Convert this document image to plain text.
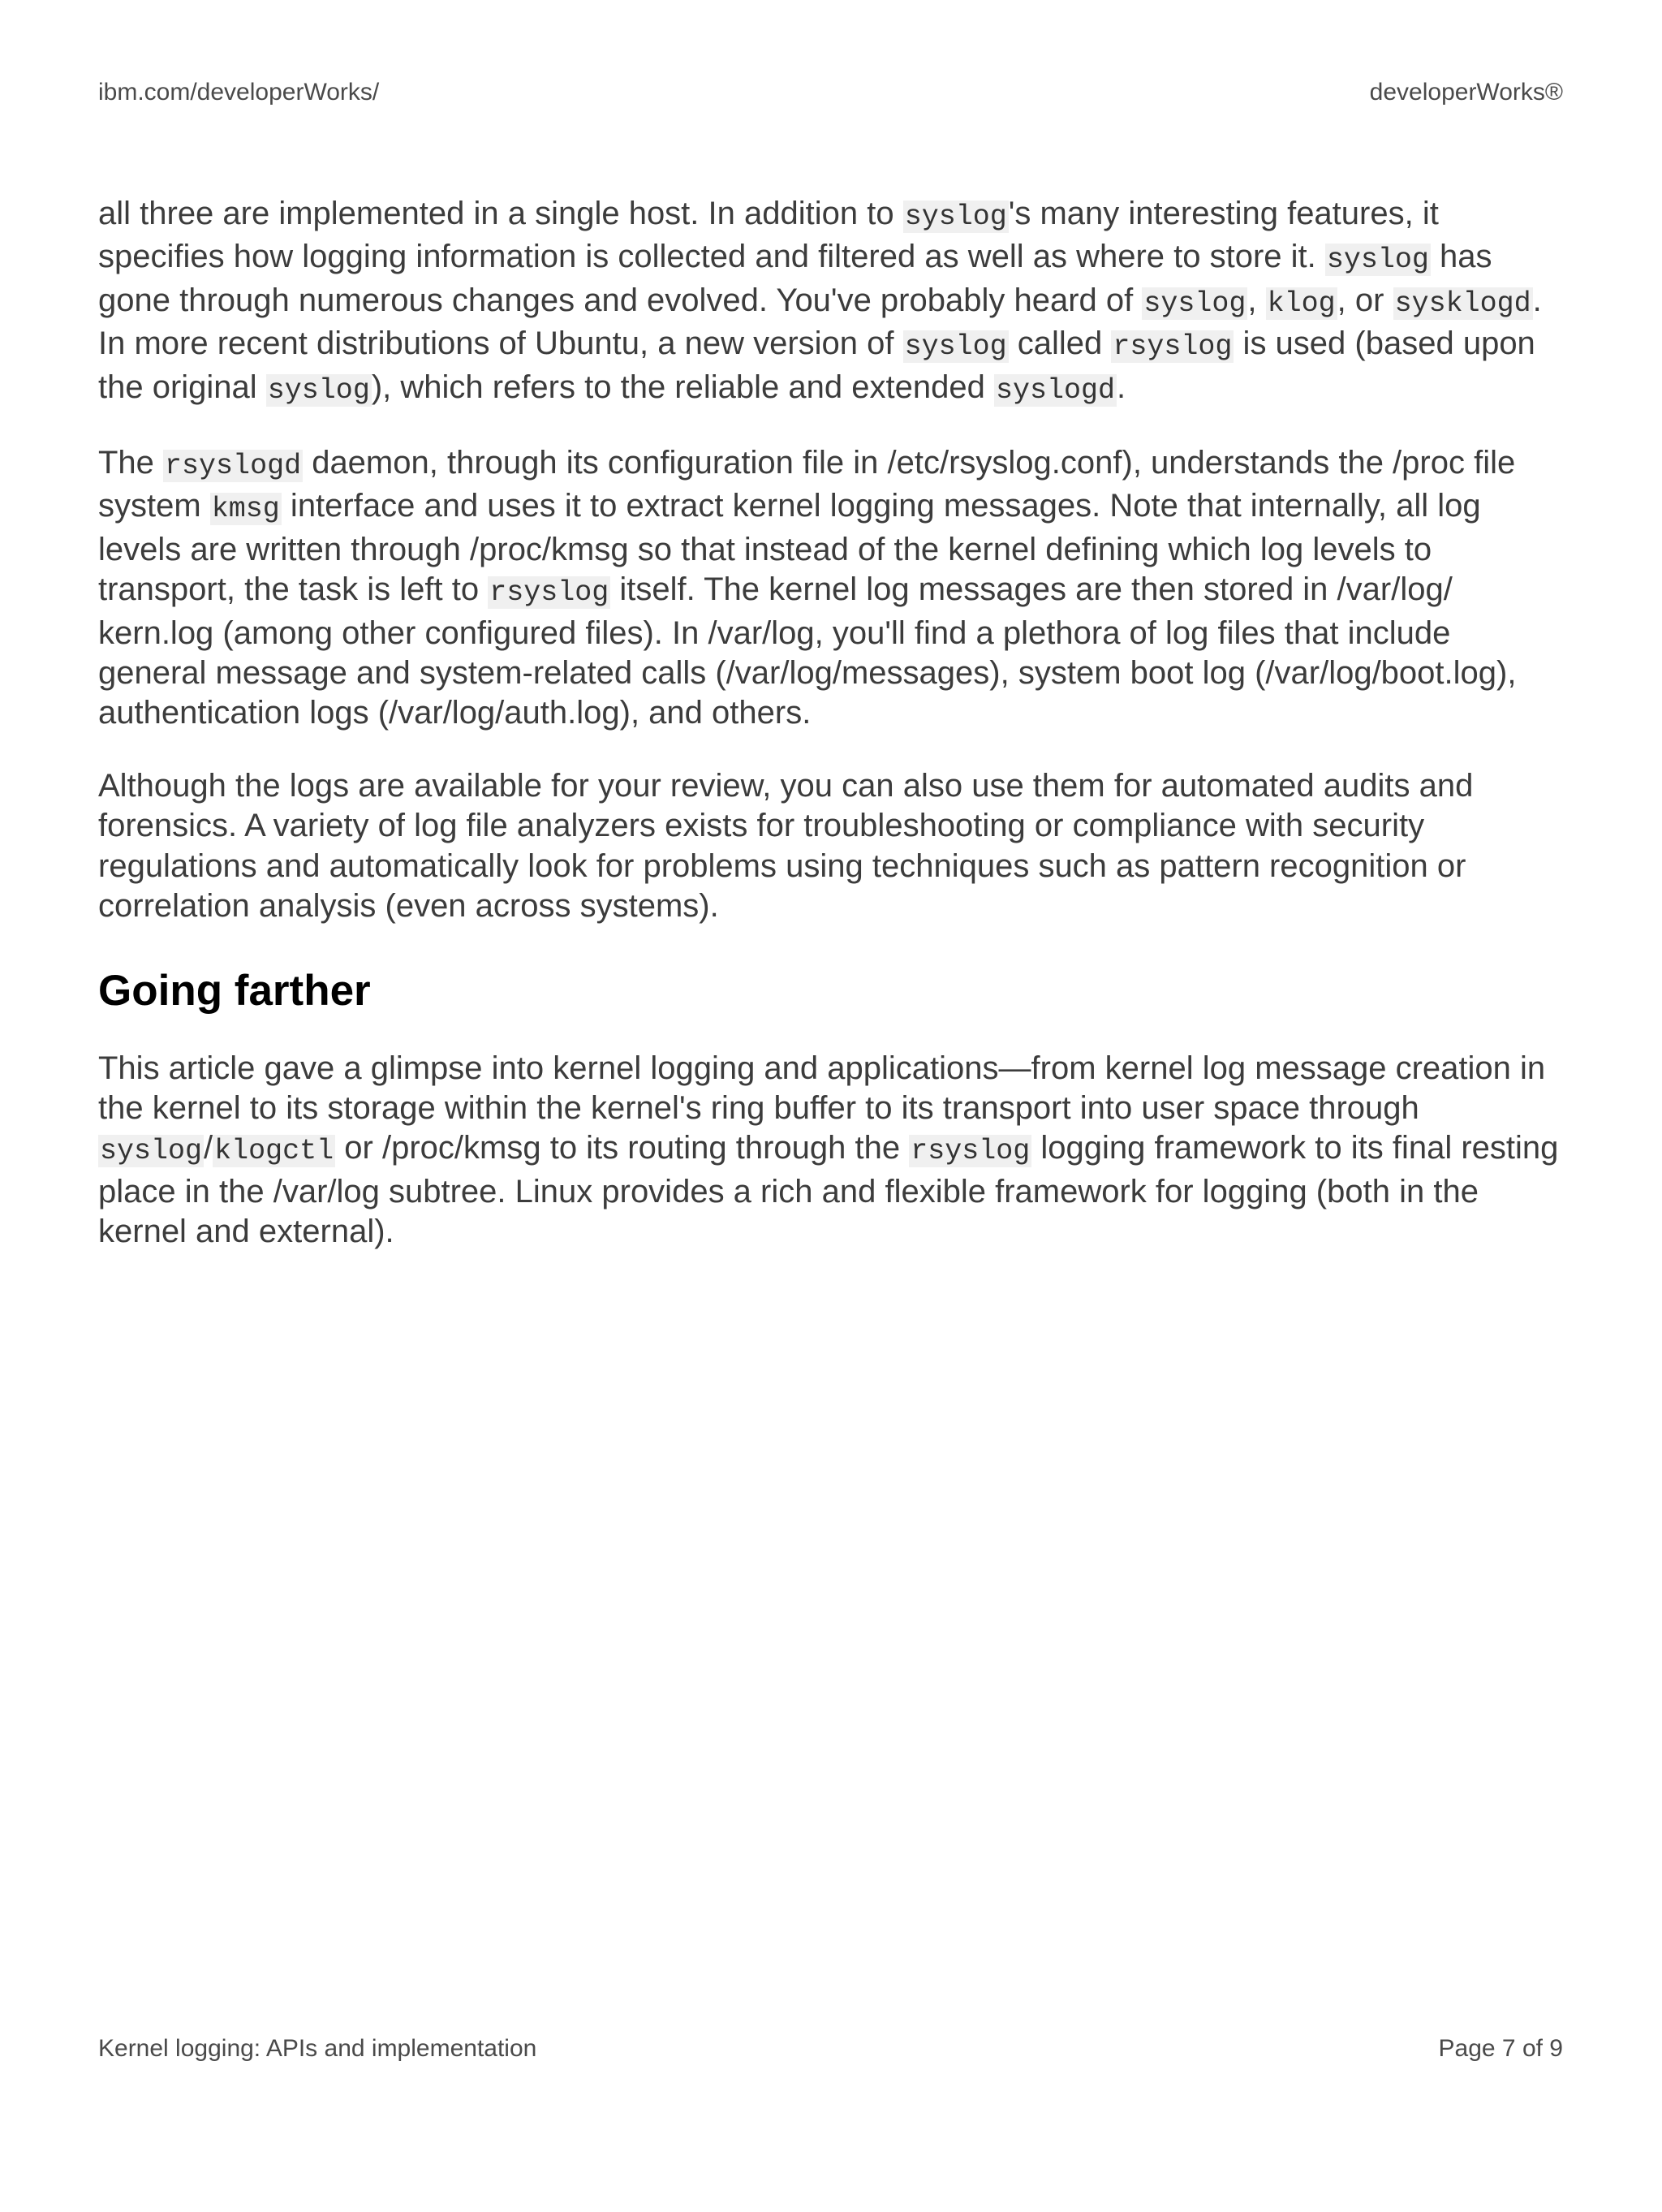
ibm.com/developerWorks/	developerWorks®

all three are implemented in a single host. In addition to syslog's many interesting features, it specifies how logging information is collected and filtered as well as where to store it. syslog has gone through numerous changes and evolved. You've probably heard of syslog, klog, or sysklogd. In more recent distributions of Ubuntu, a new version of syslog called rsyslog is used (based upon the original syslog), which refers to the reliable and extended syslogd.

The rsyslogd daemon, through its configuration file in /etc/rsyslog.conf), understands the /proc file system kmsg interface and uses it to extract kernel logging messages. Note that internally, all log levels are written through /proc/kmsg so that instead of the kernel defining which log levels to transport, the task is left to rsyslog itself. The kernel log messages are then stored in /var/log/ kern.log (among other configured files). In /var/log, you'll find a plethora of log files that include general message and system-related calls (/var/log/messages), system boot log (/var/log/boot.log), authentication logs (/var/log/auth.log), and others.

Although the logs are available for your review, you can also use them for automated audits and forensics. A variety of log file analyzers exists for troubleshooting or compliance with security regulations and automatically look for problems using techniques such as pattern recognition or correlation analysis (even across systems).

Going farther

This article gave a glimpse into kernel logging and applications—from kernel log message creation in the kernel to its storage within the kernel's ring buffer to its transport into user space through syslog/klogctl or /proc/kmsg to its routing through the rsyslog logging framework to its final resting place in the /var/log subtree. Linux provides a rich and flexible framework for logging (both in the kernel and external).

Kernel logging: APIs and implementation	Page 7 of 9
